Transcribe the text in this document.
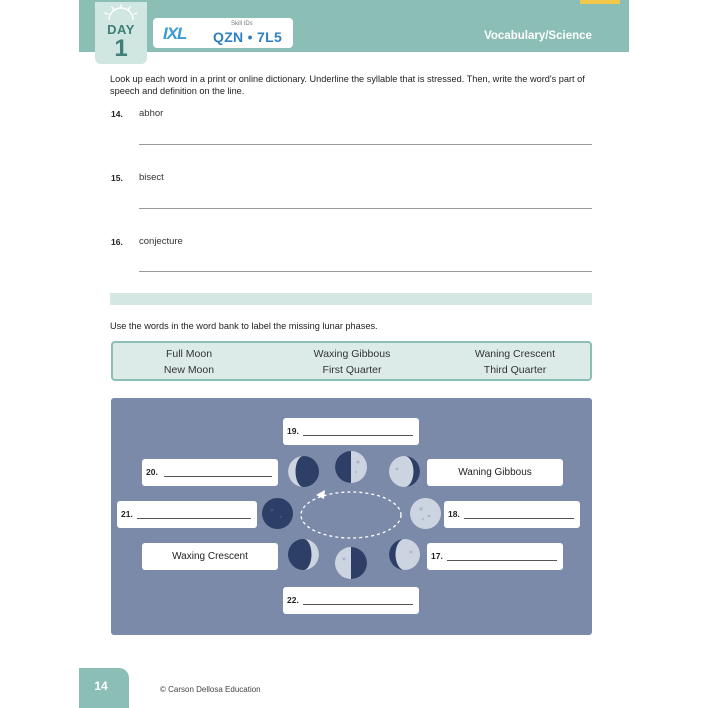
DAY
1
IXL	Skill IDs
QZN • 7L5	Vocabulary/Science
Look up each word in a print or online dictionary. Underline the syllable that is stressed. Then, write the word's part of speech and definition on the line.
14. abhor
15. bisect
16. conjecture
Use the words in the word bank to label the missing lunar phases.
Full Moon	Waxing Gibbous	Waning Crescent
New Moon	First Quarter	Third Quarter
19.
20.	Waning Gibbous
21.	18.
Waxing Crescent	17.
22.
14	© Carson Dellosa Education
